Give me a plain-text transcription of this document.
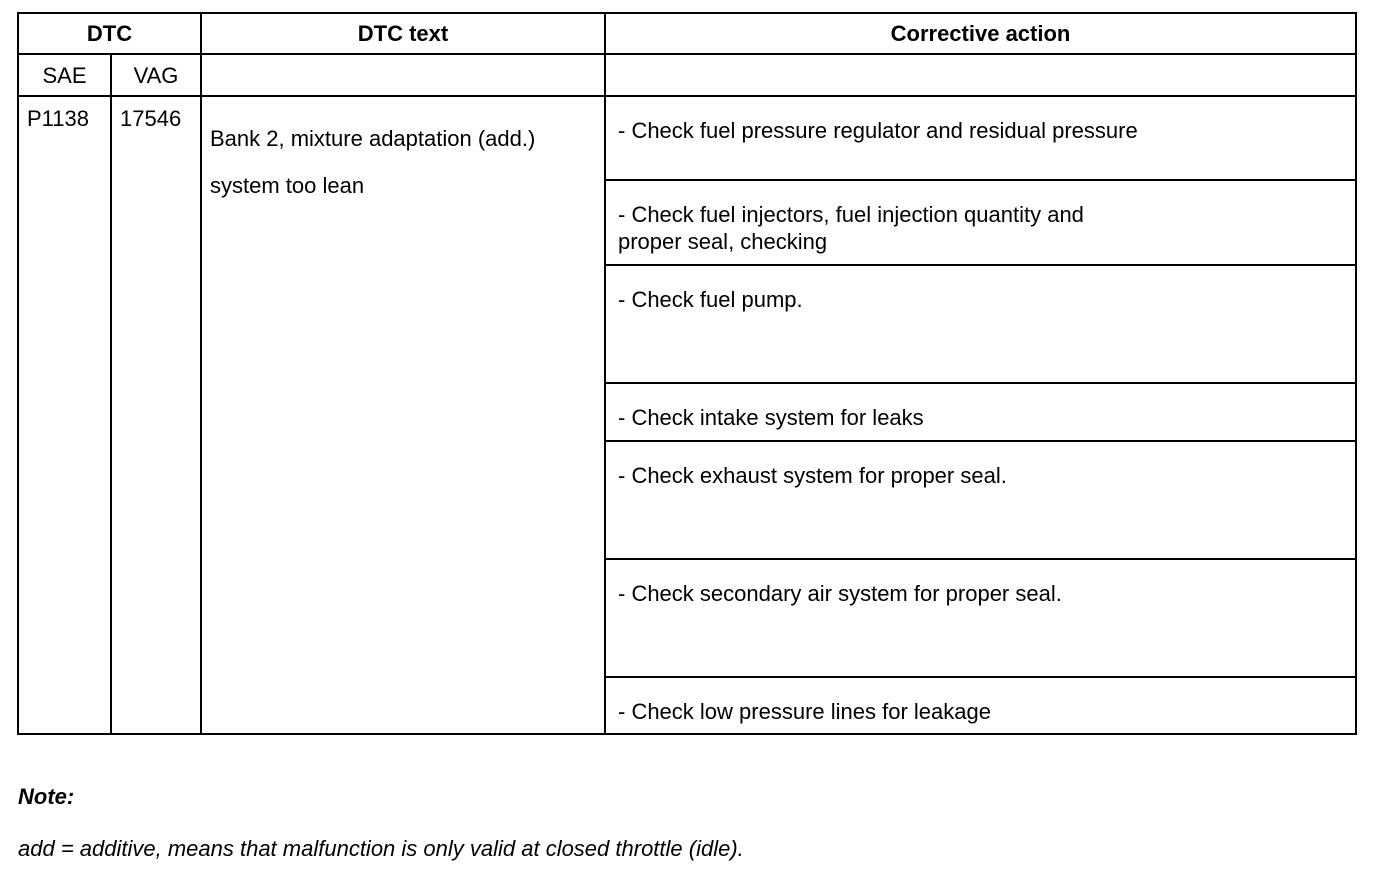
DTC		DTC text	Corrective action
SAE	VAG		
P1138	17546	Bank 2, mixture adaptation (add.)
system too lean	- Check fuel pressure regulator and residual pressure

			- Check fuel injectors, fuel injection quantity and
proper seal, checking

			- Check fuel pump.

			- Check intake system for leaks

			- Check exhaust system for proper seal.

			- Check secondary air system for proper seal.

			- Check low pressure lines for leakage
Note:
add = additive, means that malfunction is only valid at closed throttle (idle).
